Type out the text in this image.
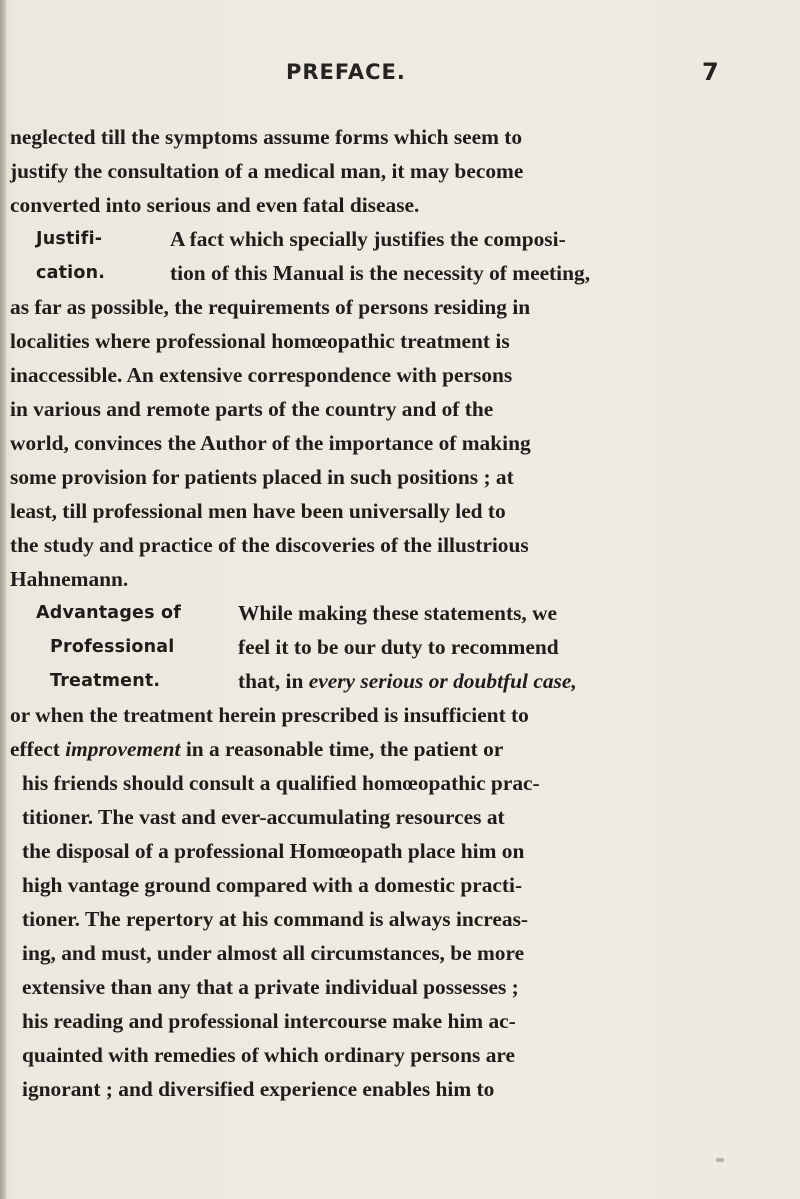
PREFACE.	7
neglected till the symptoms assume forms which seem to
justify the consultation of a medical man, it may become
converted into serious and even fatal disease.
Justifi-	A fact which specially justifies the composi-
cation.	tion of this Manual is the necessity of meeting,
as far as possible, the requirements of persons residing in
localities where professional homœopathic treatment is
inaccessible. An extensive correspondence with persons
in various and remote parts of the country and of the
world, convinces the Author of the importance of making
some provision for patients placed in such positions ; at
least, till professional men have been universally led to
the study and practice of the discoveries of the illustrious
Hahnemann.
Advantages of	While making these statements, we
Professional	feel it to be our duty to recommend
Treatment.	that, in every serious or doubtful case,
or when the treatment herein prescribed is insufficient to
effect improvement in a reasonable time, the patient or
his friends should consult a qualified homœopathic prac-
titioner. The vast and ever-accumulating resources at
the disposal of a professional Homœopath place him on
high vantage ground compared with a domestic practi-
tioner. The repertory at his command is always increas-
ing, and must, under almost all circumstances, be more
extensive than any that a private individual possesses ;
his reading and professional intercourse make him ac-
quainted with remedies of which ordinary persons are
ignorant ; and diversified experience enables him to
